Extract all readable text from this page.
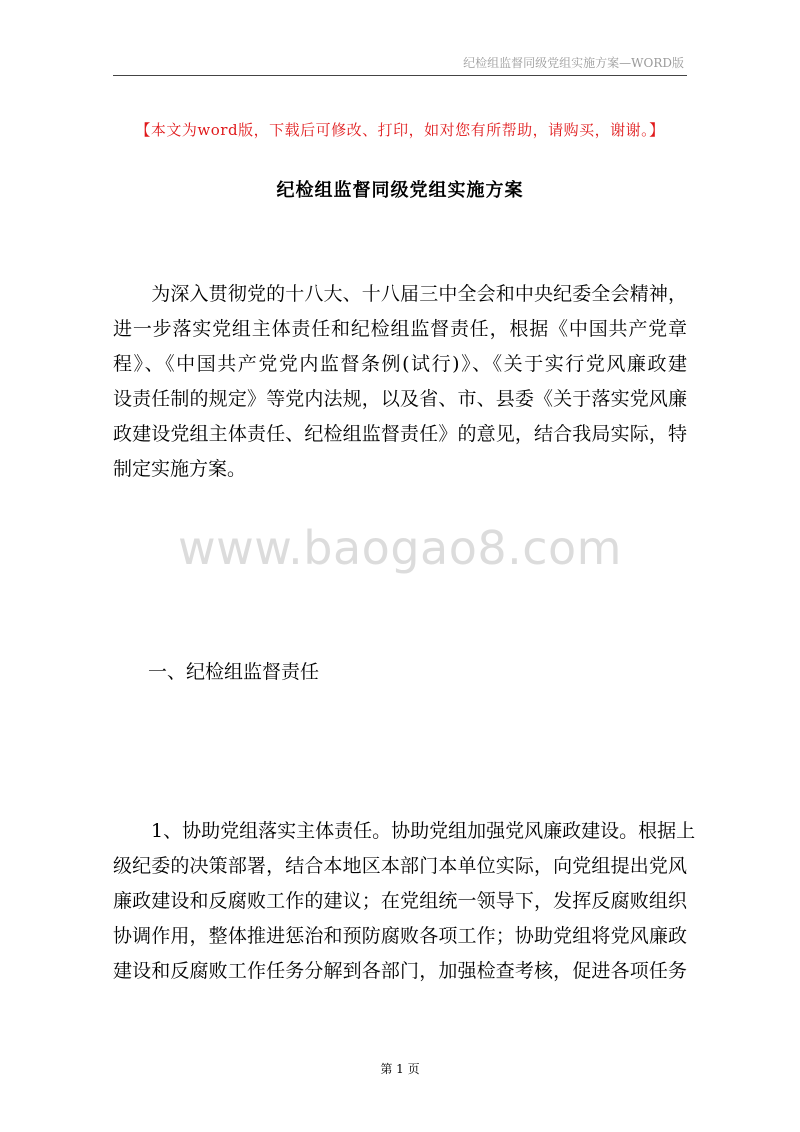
纪检组监督同级党组实施方案—WORD版
【本文为word版，下载后可修改、打印，如对您有所帮助，请购买，谢谢。】
纪检组监督同级党组实施方案
　　为深入贯彻党的十八大、十八届三中全会和中央纪委全会精神，
进一步落实党组主体责任和纪检组监督责任，根据《中国共产党章
程》、《中国共产党党内监督条例(试行)》、《关于实行党风廉政建
设责任制的规定》等党内法规，以及省、市、县委《关于落实党风廉
政建设党组主体责任、纪检组监督责任》的意见，结合我局实际，特
制定实施方案。
www.baogao8.com
一、纪检组监督责任
　　1、协助党组落实主体责任。协助党组加强党风廉政建设。根据上
级纪委的决策部署，结合本地区本部门本单位实际，向党组提出党风
廉政建设和反腐败工作的建议；在党组统一领导下，发挥反腐败组织
协调作用，整体推进惩治和预防腐败各项工作；协助党组将党风廉政
建设和反腐败工作任务分解到各部门，加强检查考核，促进各项任务
第 1 页
